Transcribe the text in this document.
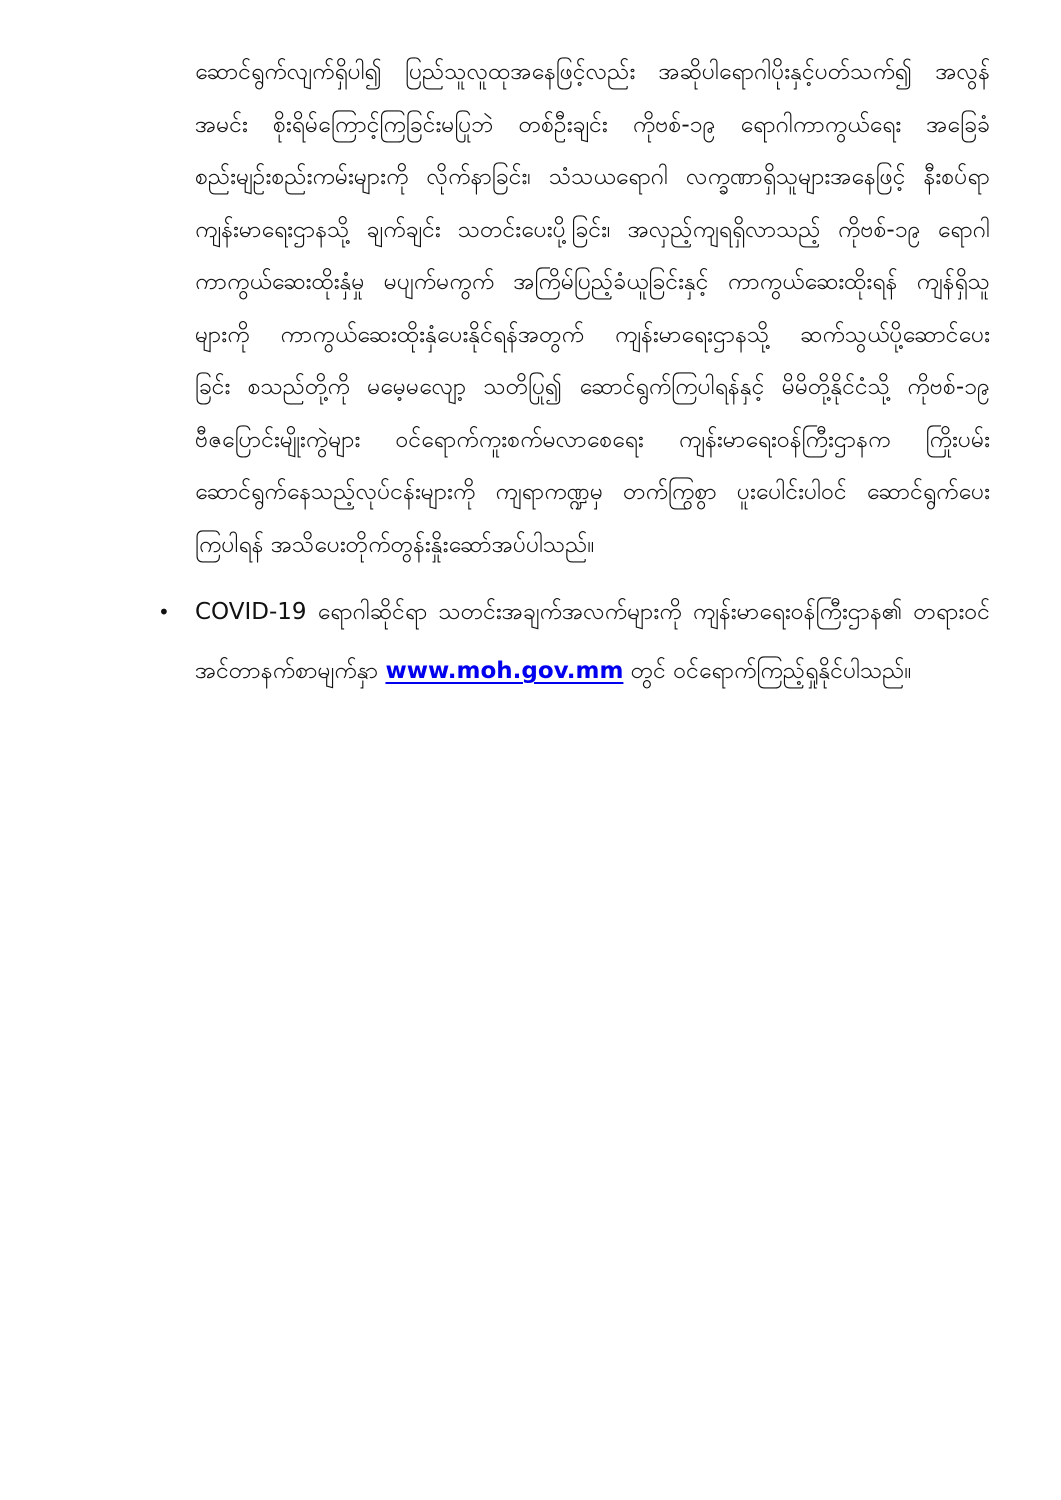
ဆောင်ရွက်လျက်ရှိပါ၍ ပြည်သူလူထုအနေဖြင့်လည်း အဆိုပါရောဂါပိုးနှင့်ပတ်သက်၍ အလွန်
အမင်း စိုးရိမ်ကြောင့်ကြခြင်းမပြုဘဲ တစ်ဦးချင်း ကိုဗစ်-၁၉ ရောဂါကာကွယ်ရေး အခြေခံ
စည်းမျဉ်းစည်းကမ်းများကို လိုက်နာခြင်း၊ သံသယရောဂါ လက္ခဏာရှိသူများအနေဖြင့် နီးစပ်ရာ
ကျန်းမာရေးဌာနသို့ ချက်ချင်း သတင်းပေးပို့ခြင်း၊ အလှည့်ကျရရှိလာသည့် ကိုဗစ်-၁၉ ရောဂါ
ကာကွယ်ဆေးထိုးနှံမှု မပျက်မကွက် အကြိမ်ပြည့်ခံယူခြင်းနှင့် ကာကွယ်ဆေးထိုးရန် ကျန်ရှိသူ
များကို ကာကွယ်ဆေးထိုးနှံပေးနိုင်ရန်အတွက် ကျန်းမာရေးဌာနသို့ ဆက်သွယ်ပို့ဆောင်ပေး
ခြင်း စသည်တို့ကို မမေ့မလျော့ သတိပြု၍ ဆောင်ရွက်ကြပါရန်နှင့် မိမိတို့နိုင်ငံသို့ ကိုဗစ်-၁၉
ဗီဇပြောင်းမျိုးကွဲများ ဝင်ရောက်ကူးစက်မလာစေရေး ကျန်းမာရေးဝန်ကြီးဌာနက ကြိုးပမ်း
ဆောင်ရွက်နေသည့်လုပ်ငန်းများကို ကျရာကဏ္ဍမှ တက်ကြွစွာ ပူးပေါင်းပါဝင် ဆောင်ရွက်ပေး
ကြပါရန် အသိပေးတိုက်တွန်းနှိုးဆော်အပ်ပါသည်။
•	COVID-19 ရောဂါဆိုင်ရာ သတင်းအချက်အလက်များကို ကျန်းမာရေးဝန်ကြီးဌာန၏ တရားဝင်
အင်တာနက်စာမျက်နှာ www.moh.gov.mm တွင် ဝင်ရောက်ကြည့်ရှုနိုင်ပါသည်။
